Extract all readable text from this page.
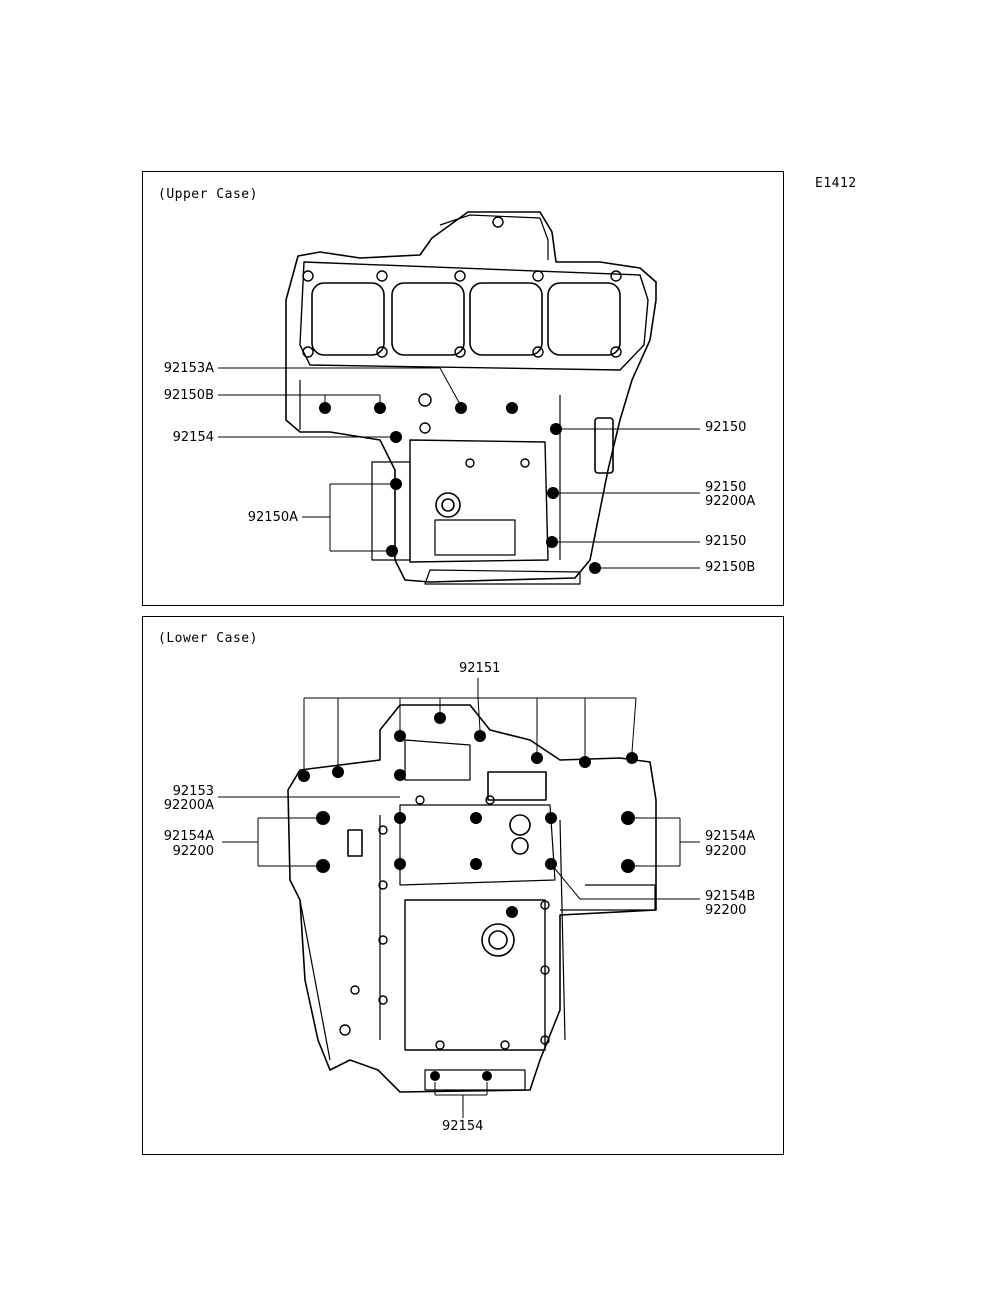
E1412
(Upper Case)
(Lower Case)
92153A
92150B
92154
92150A
92150
92150
92200A
92150
92150B
92151
92153
92200A
92154A
92200
92154A
92200
92154B
92200
92154
